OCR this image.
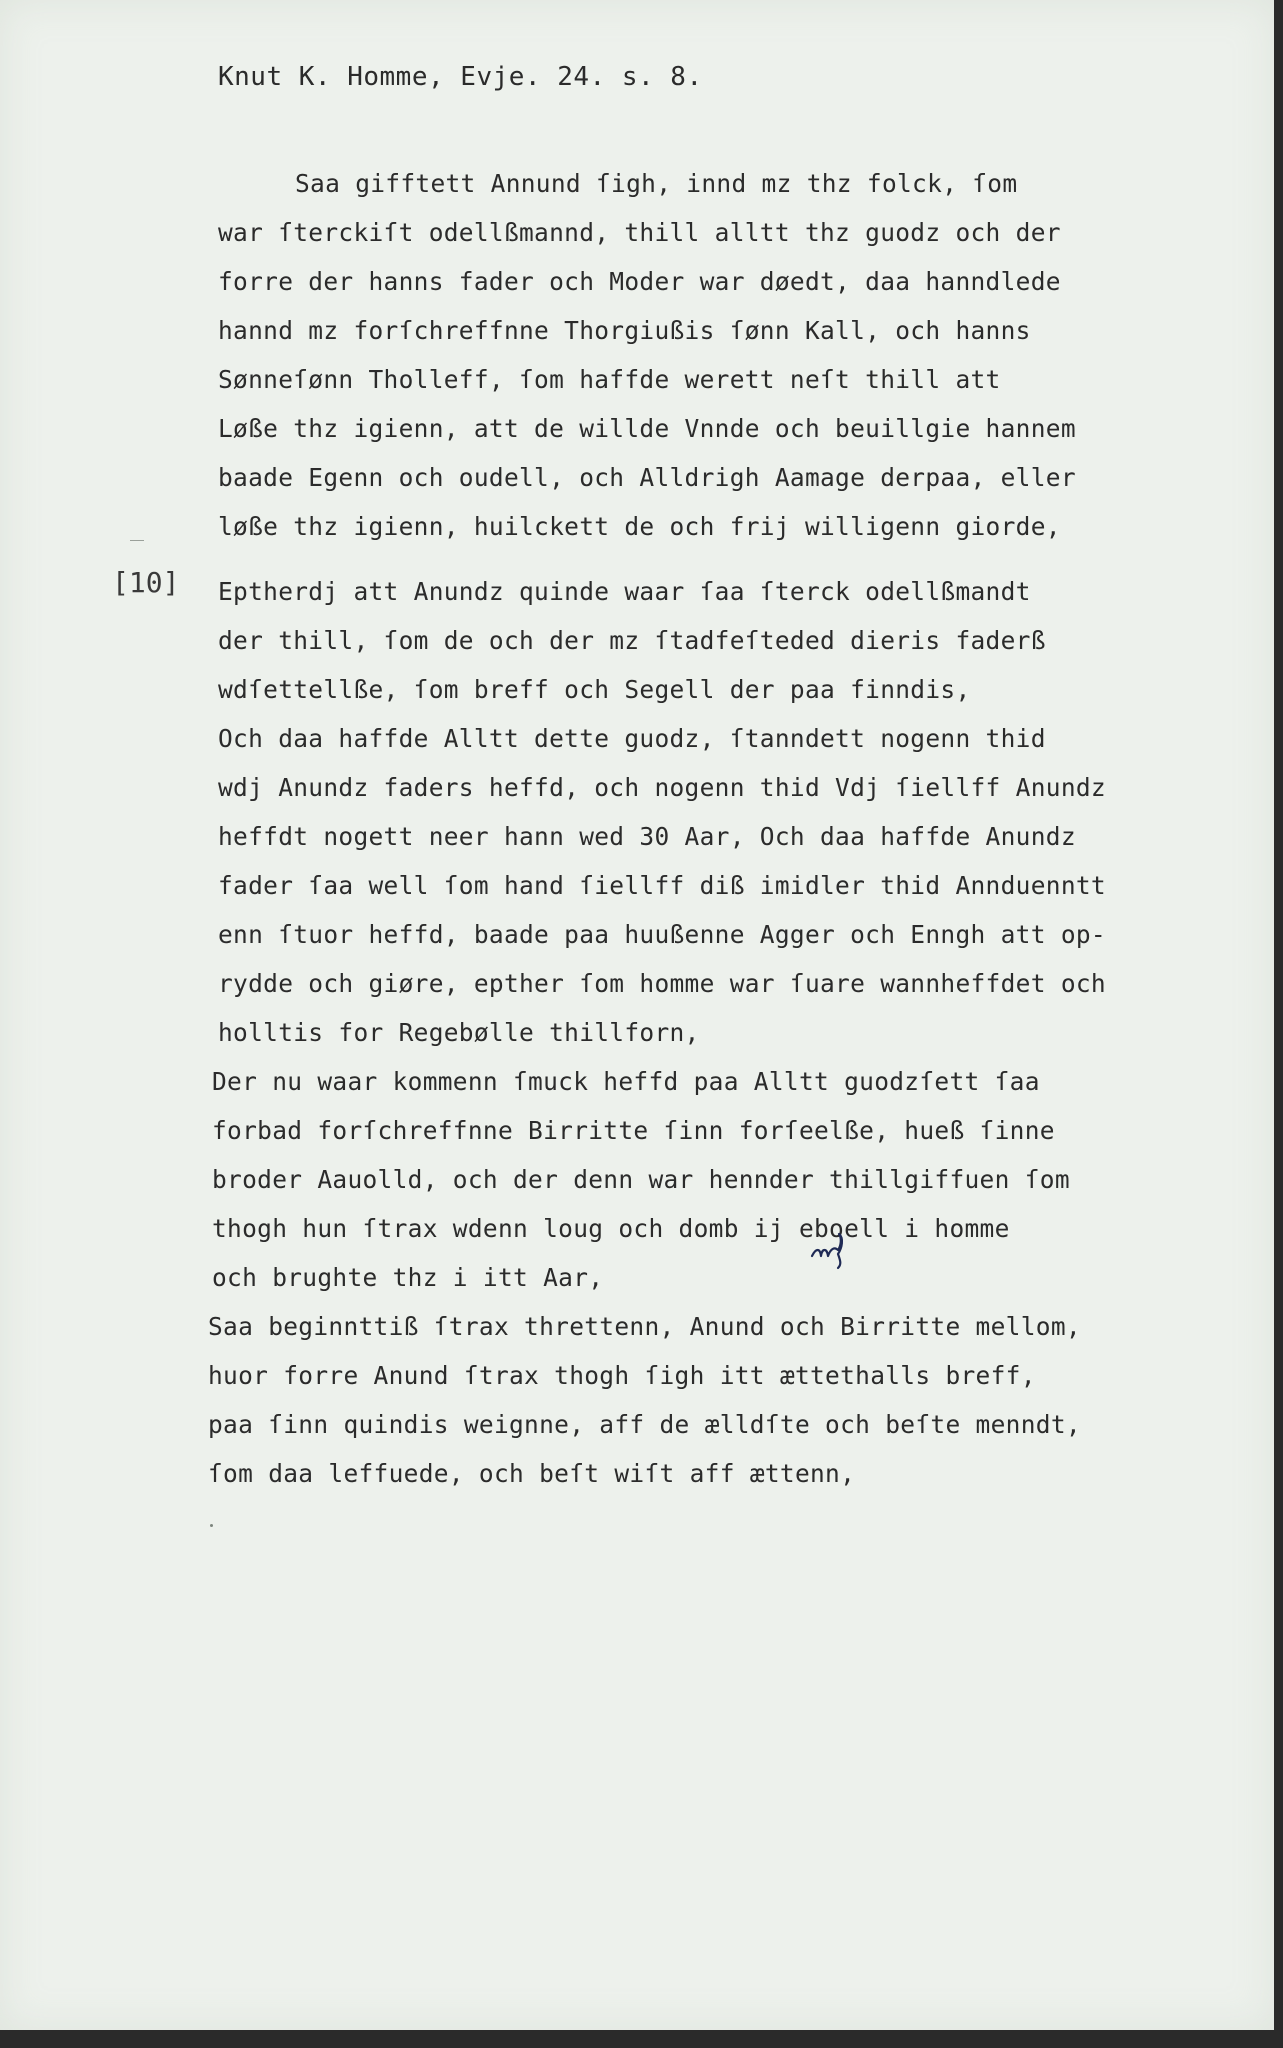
Knut K. Homme, Evje. 24. s. 8.
[10]
Saa gifftett Annund ſigh, innd mz thz folck, ſom
war ſterckiſt odellßmannd, thill alltt thz guodz och der
forre der hanns fader och Moder war døedt, daa hanndlede
hannd mz forſchreffnne Thorgiußis ſønn Kall, och hanns
Sønneſønn Tholleff, ſom haffde werett neſt thill att
Løße thz igienn, att de willde Vnnde och beuillgie hannem
baade Egenn och oudell, och Alldrigh Aamage derpaa, eller
løße thz igienn, huilckett de och frij willigenn giorde,
Eptherdj att Anundz quinde waar ſaa ſterck odellßmandt
der thill, ſom de och der mz ſtadfeſteded dieris faderß
wdſettellße, ſom breff och Segell der paa finndis,
Och daa haffde Alltt dette guodz, ſtanndett nogenn thid
wdj Anundz faders heffd, och nogenn thid Vdj ſiellff Anundz
heffdt nogett neer hann wed 30 Aar, Och daa haffde Anundz
fader ſaa well ſom hand ſiellff diß imidler thid Annduenntt
enn ſtuor heffd, baade paa huußenne Agger och Enngh att op-
rydde och giøre, epther ſom homme war ſuare wannheffdet och
holltis for Regebølle thillforn,
Der nu waar kommenn ſmuck heffd paa Alltt guodzſett ſaa
forbad forſchreffnne Birritte ſinn forſeelße, hueß ſinne
broder Aauolld, och der denn war hennder thillgiffuen ſom
thogh hun ſtrax wdenn loug och domb ij eboell i homme
och brughte thz i itt Aar,
Saa beginnttiß ſtrax threttenn, Anund och Birritte mellom,
huor forre Anund ſtrax thogh ſigh itt ættethalls breff,
paa ſinn quindis weignne, aff de ælldſte och beſte menndt,
ſom daa leffuede, och beſt wiſt aff ættenn,
